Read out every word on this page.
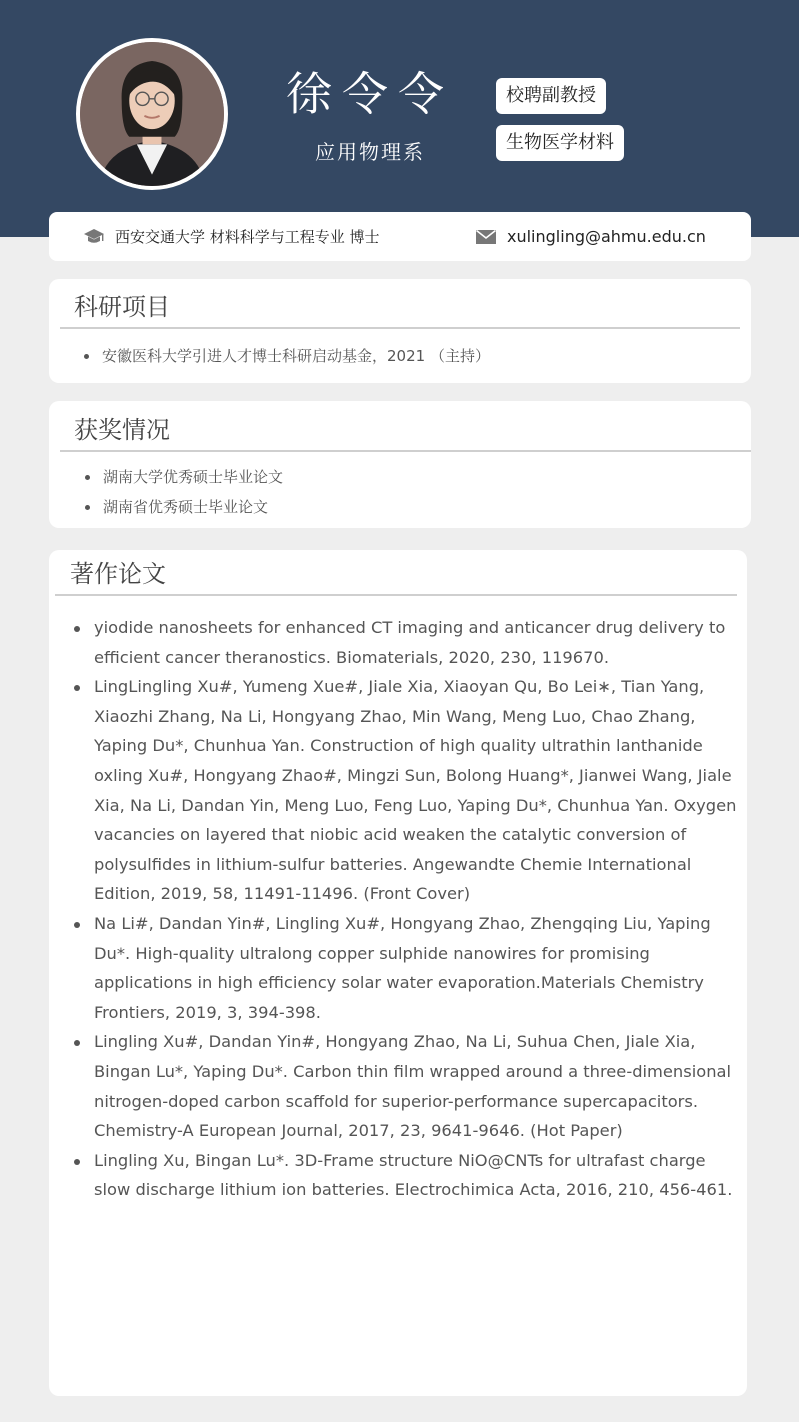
徐令令
应用物理系
校聘副教授
生物医学材料
西安交通大学 材料科学与工程专业 博士	xulingling@ahmu.edu.cn
科研项目
安徽医科大学引进人才博士科研启动基金，2021 （主持）
获奖情况
湖南大学优秀硕士毕业论文
湖南省优秀硕士毕业论文
著作论文
yiodide nanosheets for enhanced CT imaging and anticancer drug delivery to efficient cancer theranostics. Biomaterials, 2020, 230, 119670.
LingLingling Xu#, Yumeng Xue#, Jiale Xia, Xiaoyan Qu, Bo Lei∗, Tian Yang, Xiaozhi Zhang, Na Li, Hongyang Zhao, Min Wang, Meng Luo, Chao Zhang, Yaping Du*, Chunhua Yan. Construction of high quality ultrathin lanthanide oxling Xu#, Hongyang Zhao#, Mingzi Sun, Bolong Huang*, Jianwei Wang, Jiale Xia, Na Li, Dandan Yin, Meng Luo, Feng Luo, Yaping Du*, Chunhua Yan. Oxygen vacancies on layered that niobic acid weaken the catalytic conversion of polysulfides in lithium-sulfur batteries. Angewandte Chemie International Edition, 2019, 58, 11491-11496. (Front Cover)
Na Li#, Dandan Yin#, Lingling Xu#, Hongyang Zhao, Zhengqing Liu, Yaping Du*. High-quality ultralong copper sulphide nanowires for promising applications in high efficiency solar water evaporation.Materials Chemistry Frontiers, 2019, 3, 394-398.
Lingling Xu#, Dandan Yin#, Hongyang Zhao, Na Li, Suhua Chen, Jiale Xia, Bingan Lu*, Yaping Du*. Carbon thin film wrapped around a three-dimensional nitrogen-doped carbon scaffold for superior-performance supercapacitors. Chemistry-A European Journal, 2017, 23, 9641-9646. (Hot Paper)
Lingling Xu, Bingan Lu*. 3D-Frame structure NiO@CNTs for ultrafast charge slow discharge lithium ion batteries. Electrochimica Acta, 2016, 210, 456-461.
